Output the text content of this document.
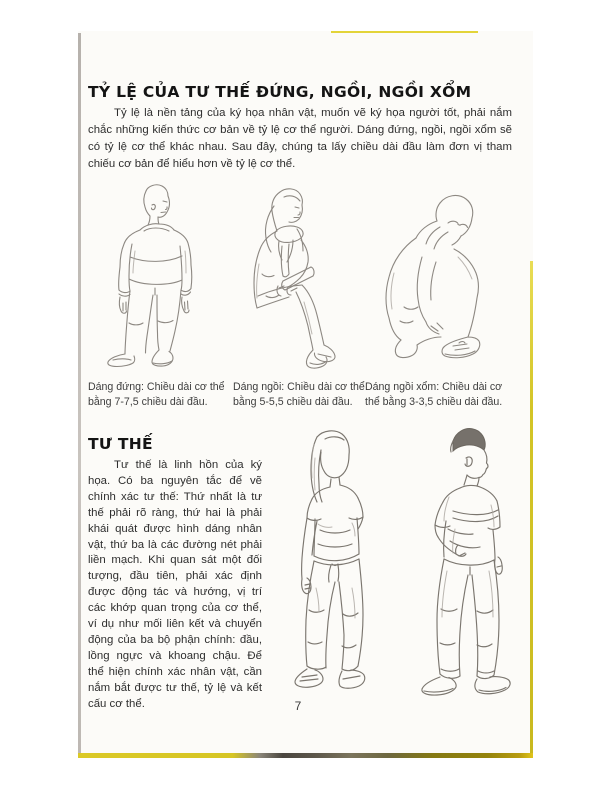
TỶ LỆ CỦA TƯ THẾ ĐỨNG, NGỒI, NGỒI XỔM

Tỷ lệ là nền tảng của ký họa nhân vật, muốn vẽ ký họa người tốt, phải nắm chắc những kiến thức cơ bản về tỷ lệ cơ thể người. Dáng đứng, ngồi, ngồi xổm sẽ có tỷ lệ cơ thể khác nhau. Sau đây, chúng ta lấy chiều dài đầu làm đơn vị tham chiếu cơ bản để hiểu hơn về tỷ lệ cơ thể.

Dáng đứng: Chiều dài cơ thể bằng 7-7,5 chiều dài đầu.

Dáng ngồi: Chiều dài cơ thể bằng 5-5,5 chiều dài đầu.

Dáng ngồi xổm: Chiều dài cơ thể bằng 3-3,5 chiều dài đầu.

TƯ THẾ

Tư thế là linh hồn của ký họa. Có ba nguyên tắc để vẽ chính xác tư thế: Thứ nhất là tư thế phải rõ ràng, thứ hai là phải khái quát được hình dáng nhân vật, thứ ba là các đường nét phải liền mạch. Khi quan sát một đối tượng, đầu tiên, phải xác định được động tác và hướng, vị trí các khớp quan trọng của cơ thể, ví dụ như mối liên kết và chuyển động của ba bộ phận chính: đầu, lồng ngực và khoang chậu. Để thể hiện chính xác nhân vật, cần nắm bắt được tư thế, tỷ lệ và kết cấu cơ thể.	7
